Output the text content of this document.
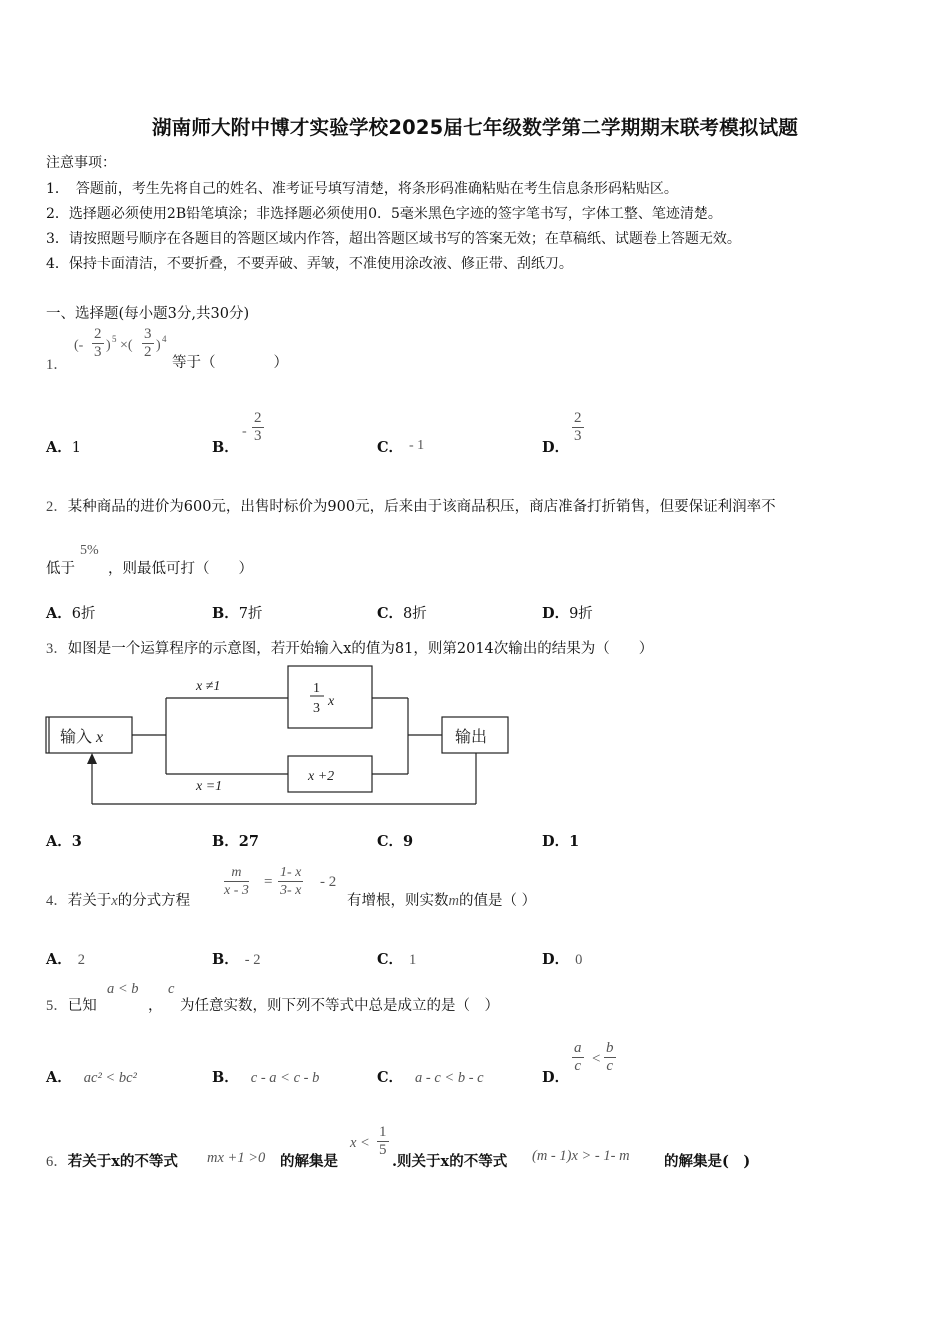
湖南师大附中博才实验学校2025届七年级数学第二学期期末联考模拟试题
注意事项：
1．　答题前，考生先将自己的姓名、准考证号填写清楚，将条形码准确粘贴在考生信息条形码粘贴区。
2．选择题必须使用2B铅笔填涂；非选择题必须使用0．5毫米黑色字迹的签字笔书写，字体工整、笔迹清楚。
3．请按照题号顺序在各题目的答题区域内作答，超出答题区域书写的答案无效；在草稿纸、试题卷上答题无效。
4．保持卡面清洁，不要折叠，不要弄破、弄皱，不准使用涂改液、修正带、刮纸刀。
一、选择题(每小题3分,共30分)
1．
(- $\frac{2}{3}$ ) 5 ×( $\frac{3}{2}$ ) 4
等于（　　　　）
A．1	B．
- $\frac{2}{3}$
C． - 1	D．
$\frac{2}{3}$
2．某种商品的进价为600元，出售时标价为900元，后来由于该商品积压，商店准备打折销售，但要保证利润率不
低于
5%
，则最低可打（　　）
A．6折	B．7折	C．8折	D．9折
3．如图是一个运算程序的示意图，若开始输入x的值为81，则第2014次输出的结果为（　　）
输入 x
x ≠1
x =1
1
3 x
x +2
输出
A．3	B．27	C．9	D．1
4．若关于x的分式方程
$\frac{m}{x - 3} = \frac{1- x}{3- x} - 2$
有增根，则实数m的值是（ ）
A． 2	B． - 2	C． 1	D． 0
5．已知
a < b
，
c
为任意实数，则下列不等式中总是成立的是（　）
A． ac² < bc²	B． c - a < c - b	C． a - c < b - c	D．
$\frac{a}{c} < \frac{b}{c}$
6．若关于x的不等式 mx +1 >0 的解集是
$x < \frac{1}{5}$
.则关于x的不等式 (m - 1)x > - 1- m 的解集是(　)
